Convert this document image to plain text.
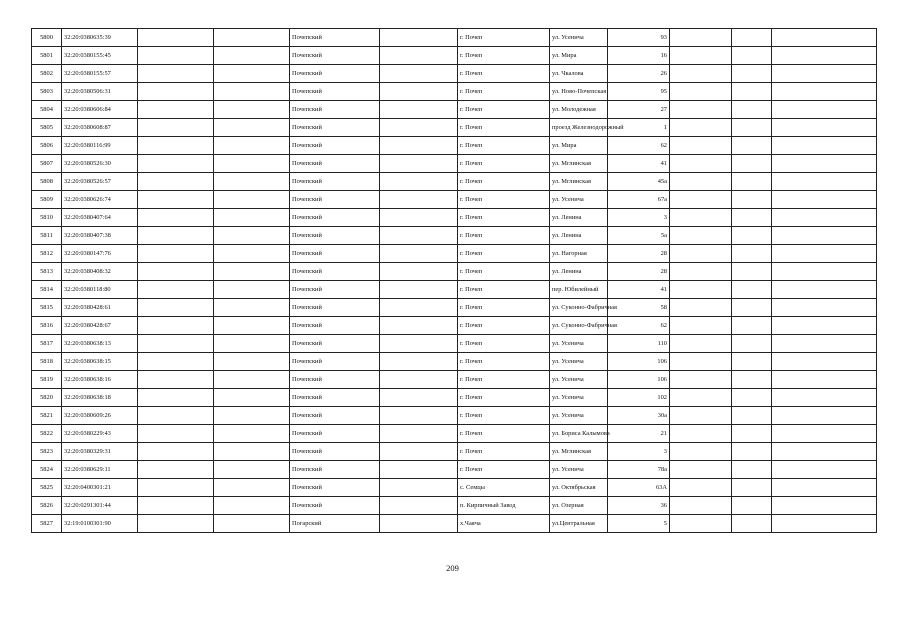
5800	32:20:0380635:39			Почепский		г. Почеп	ул. Усенича	93			
5801	32:20:0380155:45			Почепский		г. Почеп	ул. Мира	16			
5802	32:20:0380155:57			Почепский		г. Почеп	ул. Чкалова	26			
5803	32:20:0380506:31			Почепский		г. Почеп	ул. Ново-Почепская	95			
5804	32:20:0380606:84			Почепский		г. Почеп	ул. Молодежная	27			
5805	32:20:0380608:87			Почепский		г. Почеп	проезд Железнодорожный	1			
5806	32:20:0380116:99			Почепский		г. Почеп	ул. Мира	62			
5807	32:20:0380526:30			Почепский		г. Почеп	ул. Мглинская	41			
5808	32:20:0380526:57			Почепский		г. Почеп	ул. Мглинская	45а			
5809	32:20:0380626:74			Почепский		г. Почеп	ул. Усенича	67а			
5810	32:20:0380407:64			Почепский		г. Почеп	ул. Ленина	3			
5811	32:20:0380407:38			Почепский		г. Почеп	ул. Ленина	5а			
5812	32:20:0380147:76			Почепский		г. Почеп	ул. Нагорная	28			
5813	32:20:0380408:32			Почепский		г. Почеп	ул. Ленина	28			
5814	32:20:0380118:80			Почепский		г. Почеп	пер. Юбилейный	41			
5815	32:20:0380428:61			Почепский		г. Почеп	ул. Суконно-Фабричная	58			
5816	32:20:0380428:67			Почепский		г. Почеп	ул. Суконно-Фабричная	62			
5817	32:20:0380638:13			Почепский		г. Почеп	ул. Усенича	110			
5818	32:20:0380638:15			Почепский		г. Почеп	ул. Усенича	106			
5819	32:20:0380638:16			Почепский		г. Почеп	ул. Усенича	106			
5820	32:20:0380638:18			Почепский		г. Почеп	ул. Усенича	102			
5821	32:20:0380609:26			Почепский		г. Почеп	ул. Усенича	30а			
5822	32:20:0380229:43			Почепский		г. Почеп	ул. Бориса Калымова	21			
5823	32:20:0380329:31			Почепский		г. Почеп	ул. Мглинская	3			
5824	32:20:0380629:11			Почепский		г. Почеп	ул. Усенича	78а			
5825	32:20:0400301:21			Почепский		с. Семцы	ул. Октябрьская	63А			
5826	32:20:0291301:44			Почепский		п. Кирпичный Завод	ул. Озерная	36			
5827	32:19:0100301:90			Погарский		х.Чаяча	ул.Центральная	5			
209
